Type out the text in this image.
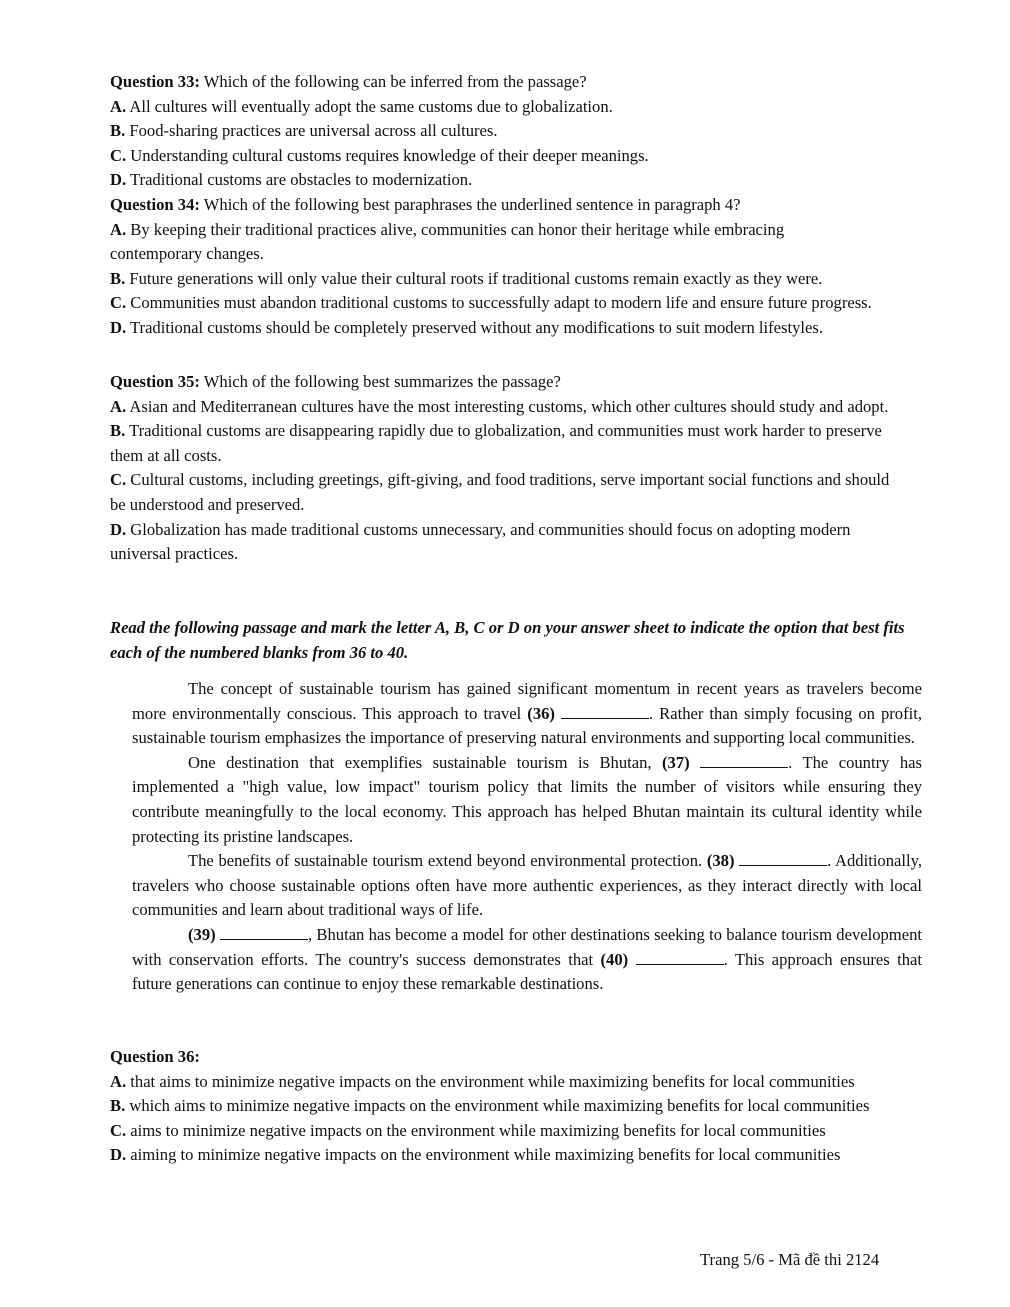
Question 33: Which of the following can be inferred from the passage?
A. All cultures will eventually adopt the same customs due to globalization.
B. Food-sharing practices are universal across all cultures.
C. Understanding cultural customs requires knowledge of their deeper meanings.
D. Traditional customs are obstacles to modernization.
Question 34: Which of the following best paraphrases the underlined sentence in paragraph 4?
A. By keeping their traditional practices alive, communities can honor their heritage while embracing contemporary changes.
B. Future generations will only value their cultural roots if traditional customs remain exactly as they were.
C. Communities must abandon traditional customs to successfully adapt to modern life and ensure future progress.
D. Traditional customs should be completely preserved without any modifications to suit modern lifestyles.
Question 35: Which of the following best summarizes the passage?
A. Asian and Mediterranean cultures have the most interesting customs, which other cultures should study and adopt.
B. Traditional customs are disappearing rapidly due to globalization, and communities must work harder to preserve them at all costs.
C. Cultural customs, including greetings, gift-giving, and food traditions, serve important social functions and should be understood and preserved.
D. Globalization has made traditional customs unnecessary, and communities should focus on adopting modern universal practices.
Read the following passage and mark the letter A, B, C or D on your answer sheet to indicate the option that best fits each of the numbered blanks from 36 to 40.

The concept of sustainable tourism has gained significant momentum in recent years as travelers become more environmentally conscious. This approach to travel (36)	. Rather than simply focusing on profit, sustainable tourism emphasizes the importance of preserving natural environments and supporting local communities.

One destination that exemplifies sustainable tourism is Bhutan, (37)	. The country has implemented a "high value, low impact" tourism policy that limits the number of visitors while ensuring they contribute meaningfully to the local economy. This approach has helped Bhutan maintain its cultural identity while protecting its pristine landscapes.

The benefits of sustainable tourism extend beyond environmental protection. (38)	. Additionally, travelers who choose sustainable options often have more authentic experiences, as they interact directly with local communities and learn about traditional ways of life.

(39)	, Bhutan has become a model for other destinations seeking to balance tourism development with conservation efforts. The country's success demonstrates that (40)	. This approach ensures that future generations can continue to enjoy these remarkable destinations.

Question 36:
A. that aims to minimize negative impacts on the environment while maximizing benefits for local communities
B. which aims to minimize negative impacts on the environment while maximizing benefits for local communities
C. aims to minimize negative impacts on the environment while maximizing benefits for local communities
D. aiming to minimize negative impacts on the environment while maximizing benefits for local communities
Trang 5/6 - Mã đề thi 2124
